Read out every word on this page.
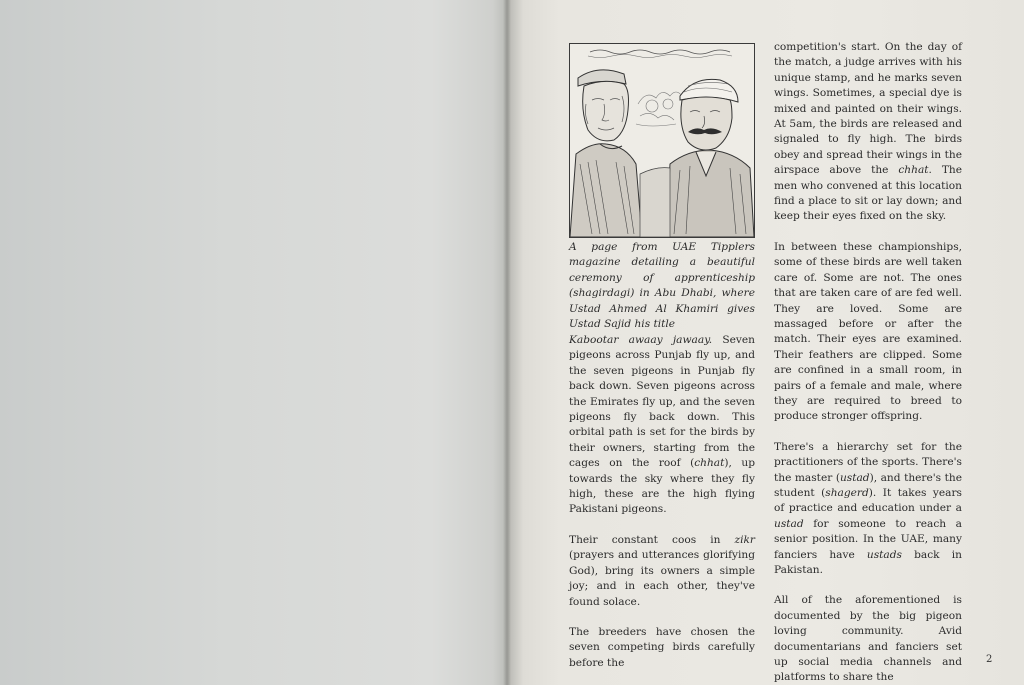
A page from UAE Tipplers magazine detailing a beautiful ceremony of apprenticeship (shagirdagi) in Abu Dhabi, where Ustad Ahmed Al Khamiri gives Ustad Sajid his title

Kabootar awaay jawaay. Seven pigeons across Punjab fly up, and the seven pigeons in Punjab fly back down. Seven pigeons across the Emirates fly up, and the seven pigeons fly back down. This orbital path is set for the birds by their owners, starting from the cages on the roof (chhat), up towards the sky where they fly high, these are the high flying Pakistani pigeons.

Their constant coos in zikr (prayers and utterances glorifying God), bring its owners a simple joy; and in each other, they've found solace.

The breeders have chosen the seven competing birds carefully before the

competition's start. On the day of the match, a judge arrives with his unique stamp, and he marks seven wings. Sometimes, a special dye is mixed and painted on their wings. At 5am, the birds are released and signaled to fly high. The birds obey and spread their wings in the airspace above the chhat. The men who convened at this location find a place to sit or lay down; and keep their eyes fixed on the sky.

In between these championships, some of these birds are well taken care of. Some are not. The ones that are taken care of are fed well. They are loved. Some are massaged before or after the match. Their eyes are examined. Their feathers are clipped. Some are confined in a small room, in pairs of a female and male, where they are required to breed to produce stronger offspring.

There's a hierarchy set for the practitioners of the sports. There's the master (ustad), and there's the student (shagerd). It takes years of practice and education under a ustad for someone to reach a senior position. In the UAE, many fanciers have ustads back in Pakistan.

All of the aforementioned is documented by the big pigeon loving community. Avid documentarians and fanciers set up social media channels and platforms to share the

2
